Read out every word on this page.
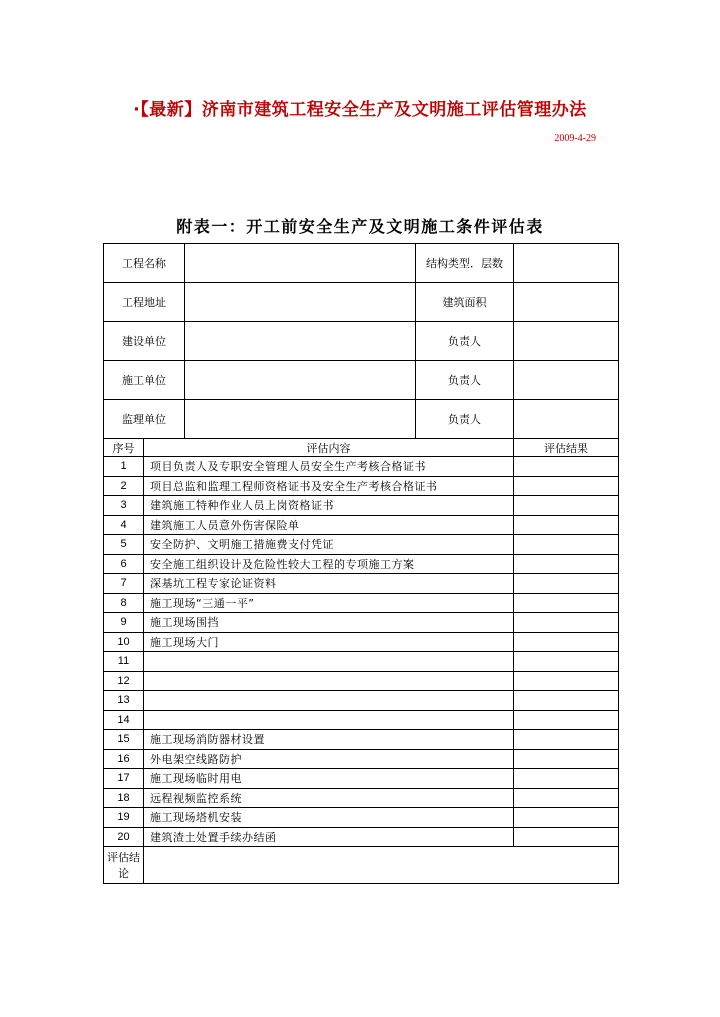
·【最新】济南市建筑工程安全生产及文明施工评估管理办法
2009-4-29
附表一：开工前安全生产及文明施工条件评估表
工程名称			结构类型．层数	
工程地址			建筑面积	
建设单位			负责人	
施工单位			负责人	
监理单位			负责人	
序号	评估内容			评估结果
1	项目负责人及专职安全管理人员安全生产考核合格证书			
2	项目总监和监理工程师资格证书及安全生产考核合格证书			
3	建筑施工特种作业人员上岗资格证书			
4	建筑施工人员意外伤害保险单			
5	安全防护、文明施工措施费支付凭证			
6	安全施工组织设计及危险性较大工程的专项施工方案			
7	深基坑工程专家论证资料			
8	施工现场“三通一平”			
9	施工现场围挡			
10	施工现场大门			
11				
12				
13				
14				
15	施工现场消防器材设置			
16	外电架空线路防护			
17	施工现场临时用电			
18	远程视频监控系统			
19	施工现场塔机安装			
20	建筑渣土处置手续办结函			
评估结论				
